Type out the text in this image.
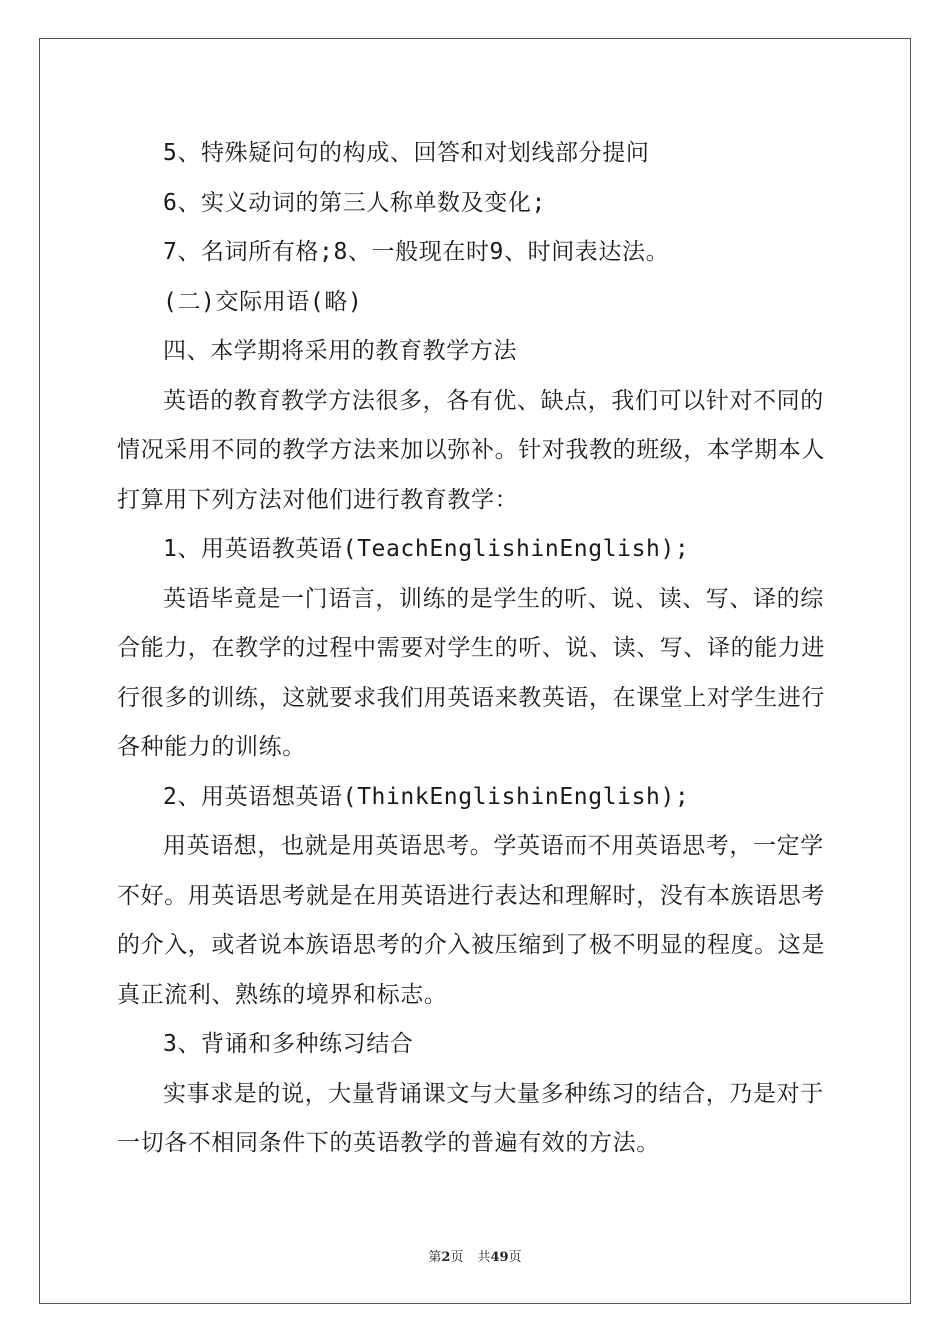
5、特殊疑问句的构成、回答和对划线部分提问
6、实义动词的第三人称单数及变化;
7、名词所有格;8、一般现在时9、时间表达法。
(二)交际用语(略)
四、本学期将采用的教育教学方法
英语的教育教学方法很多，各有优、缺点，我们可以针对不同的
情况采用不同的教学方法来加以弥补。针对我教的班级，本学期本人
打算用下列方法对他们进行教育教学：
1、用英语教英语(TeachEnglishinEnglish);
英语毕竟是一门语言，训练的是学生的听、说、读、写、译的综
合能力，在教学的过程中需要对学生的听、说、读、写、译的能力进
行很多的训练，这就要求我们用英语来教英语，在课堂上对学生进行
各种能力的训练。
2、用英语想英语(ThinkEnglishinEnglish);
用英语想，也就是用英语思考。学英语而不用英语思考，一定学
不好。用英语思考就是在用英语进行表达和理解时，没有本族语思考
的介入，或者说本族语思考的介入被压缩到了极不明显的程度。这是
真正流利、熟练的境界和标志。
3、背诵和多种练习结合
实事求是的说，大量背诵课文与大量多种练习的结合，乃是对于
一切各不相同条件下的英语教学的普遍有效的方法。
第2页 共49页
